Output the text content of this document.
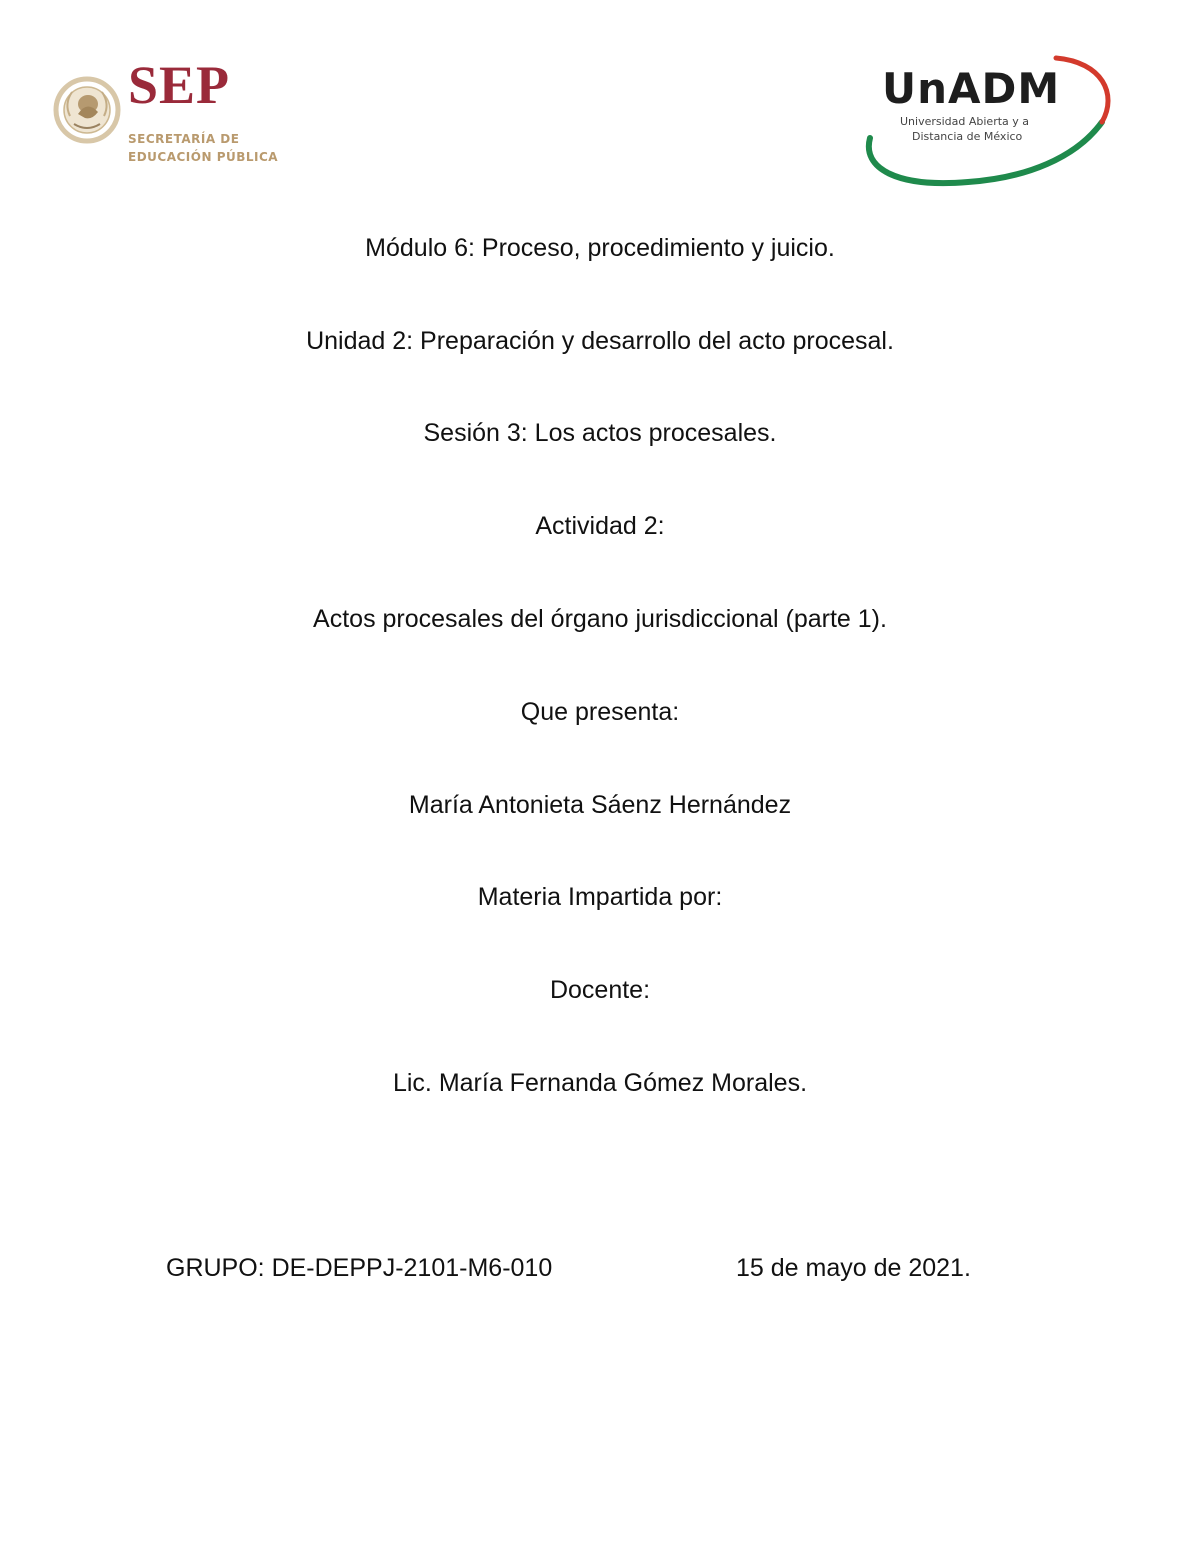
SEP
SECRETARÍA DE
EDUCACIÓN PÚBLICA
UnADM
Universidad Abierta y a
Distancia de México
Módulo 6: Proceso, procedimiento y juicio.
Unidad 2: Preparación y desarrollo del acto procesal.
Sesión 3: Los actos procesales.
Actividad 2:
Actos procesales del órgano jurisdiccional (parte 1).
Que presenta:
María Antonieta Sáenz Hernández
Materia Impartida por:
Docente:
Lic. María Fernanda Gómez Morales.
GRUPO: DE-DEPPJ-2101-M6-010	15 de mayo de 2021.
